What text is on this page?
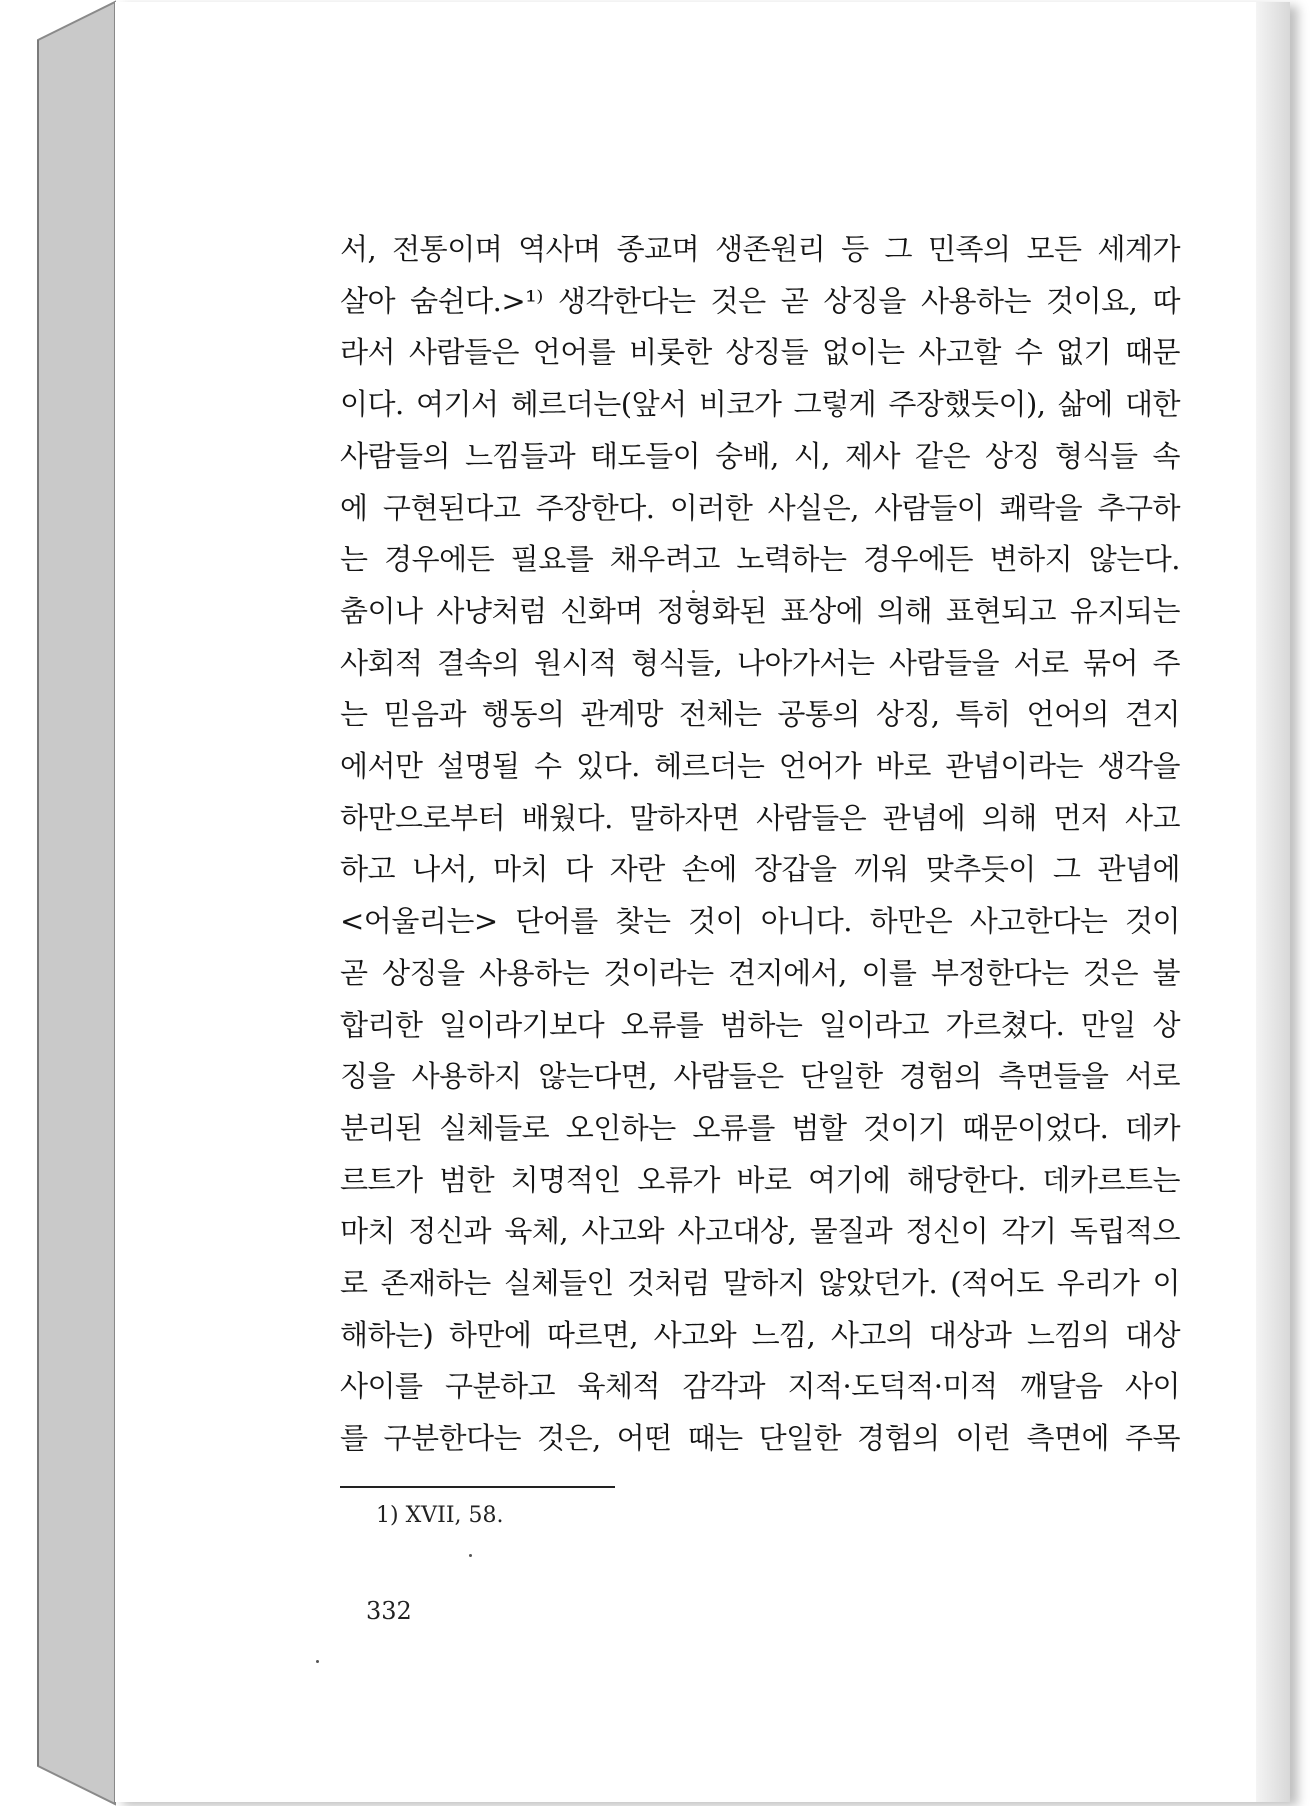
서, 전통이며 역사며 종교며 생존원리 등 그 민족의 모든 세계가
살아 숨쉰다.>¹⁾ 생각한다는 것은 곧 상징을 사용하는 것이요, 따
라서 사람들은 언어를 비롯한 상징들 없이는 사고할 수 없기 때문
이다. 여기서 헤르더는(앞서 비코가 그렇게 주장했듯이), 삶에 대한
사람들의 느낌들과 태도들이 숭배, 시, 제사 같은 상징 형식들 속
에 구현된다고 주장한다. 이러한 사실은, 사람들이 쾌락을 추구하
는 경우에든 필요를 채우려고 노력하는 경우에든 변하지 않는다.
춤이나 사냥처럼 신화며 정형화된 표상에 의해 표현되고 유지되는
사회적 결속의 원시적 형식들, 나아가서는 사람들을 서로 묶어 주
는 믿음과 행동의 관계망 전체는 공통의 상징, 특히 언어의 견지
에서만 설명될 수 있다. 헤르더는 언어가 바로 관념이라는 생각을
하만으로부터 배웠다. 말하자면 사람들은 관념에 의해 먼저 사고
하고 나서, 마치 다 자란 손에 장갑을 끼워 맞추듯이 그 관념에
<어울리는> 단어를 찾는 것이 아니다. 하만은 사고한다는 것이
곧 상징을 사용하는 것이라는 견지에서, 이를 부정한다는 것은 불
합리한 일이라기보다 오류를 범하는 일이라고 가르쳤다. 만일 상
징을 사용하지 않는다면, 사람들은 단일한 경험의 측면들을 서로
분리된 실체들로 오인하는 오류를 범할 것이기 때문이었다. 데카
르트가 범한 치명적인 오류가 바로 여기에 해당한다. 데카르트는
마치 정신과 육체, 사고와 사고대상, 물질과 정신이 각기 독립적으
로 존재하는 실체들인 것처럼 말하지 않았던가. (적어도 우리가 이
해하는) 하만에 따르면, 사고와 느낌, 사고의 대상과 느낌의 대상
사이를 구분하고 육체적 감각과 지적·도덕적·미적 깨달음 사이
를 구분한다는 것은, 어떤 때는 단일한 경험의 이런 측면에 주목
1) XVII, 58.
332
